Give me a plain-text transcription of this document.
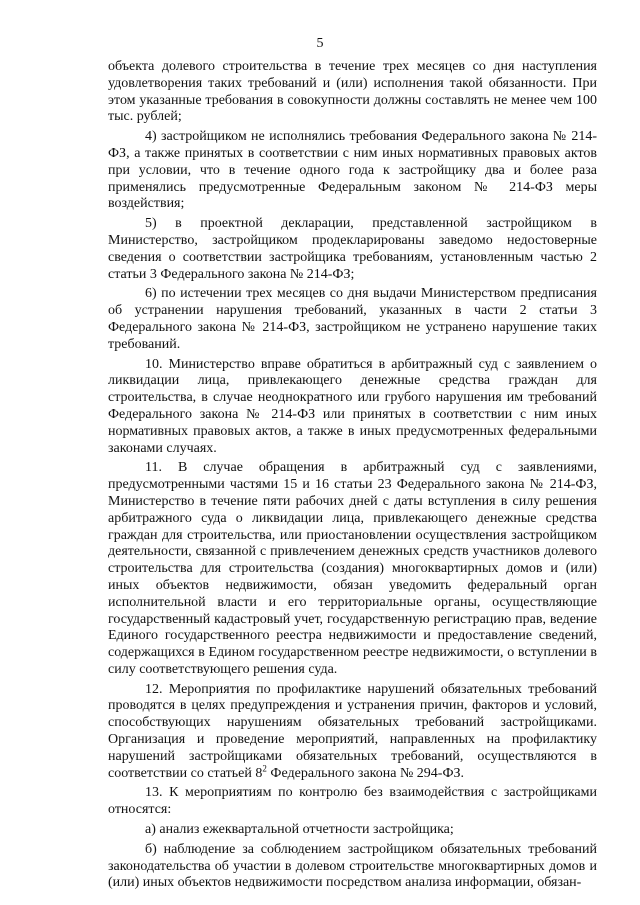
5

объекта долевого строительства в течение трех месяцев со дня наступления удовлетворения таких требований и (или) исполнения такой обязанности. При этом указанные требования в совокупности должны составлять не менее чем 100 тыс. рублей;

4) застройщиком не исполнялись требования Федерального закона № 214-ФЗ, а также принятых в соответствии с ним иных нормативных правовых актов при условии, что в течение одного года к застройщику два и более раза применялись предусмотренные Федеральным законом № 214-ФЗ меры воздействия;

5) в проектной декларации, представленной застройщиком в Министерство, застройщиком продекларированы заведомо недостоверные сведения о соответствии застройщика требованиям, установленным частью 2 статьи 3 Федерального закона № 214-ФЗ;

6) по истечении трех месяцев со дня выдачи Министерством предписания об устранении нарушения требований, указанных в части 2 статьи 3 Федерального закона № 214-ФЗ, застройщиком не устранено нарушение таких требований.

10. Министерство вправе обратиться в арбитражный суд с заявлением о ликвидации лица, привлекающего денежные средства граждан для строительства, в случае неоднократного или грубого нарушения им требований Федерального закона № 214-ФЗ или принятых в соответствии с ним иных нормативных правовых актов, а также в иных предусмотренных федеральными законами случаях.

11. В случае обращения в арбитражный суд с заявлениями, предусмотренными частями 15 и 16 статьи 23 Федерального закона № 214-ФЗ, Министерство в течение пяти рабочих дней с даты вступления в силу решения арбитражного суда о ликвидации лица, привлекающего денежные средства граждан для строительства, или приостановлении осуществления застройщиком деятельности, связанной с привлечением денежных средств участников долевого строительства для строительства (создания) многоквартирных домов и (или) иных объектов недвижимости, обязан уведомить федеральный орган исполнительной власти и его территориальные органы, осуществляющие государственный кадастровый учет, государственную регистрацию прав, ведение Единого государственного реестра недвижимости и предоставление сведений, содержащихся в Едином государственном реестре недвижимости, о вступлении в силу соответствующего решения суда.

12. Мероприятия по профилактике нарушений обязательных требований проводятся в целях предупреждения и устранения причин, факторов и условий, способствующих нарушениям обязательных требований застройщиками. Организация и проведение мероприятий, направленных на профилактику нарушений застройщиками обязательных требований, осуществляются в соответствии со статьей $8^2$ Федерального закона № 294-ФЗ.

13. К мероприятиям по контролю без взаимодействия с застройщиками относятся:

а) анализ ежеквартальной отчетности застройщика;

б) наблюдение за соблюдением застройщиком обязательных требований законодательства об участии в долевом строительстве многоквартирных домов и (или) иных объектов недвижимости посредством анализа информации, обязан-
